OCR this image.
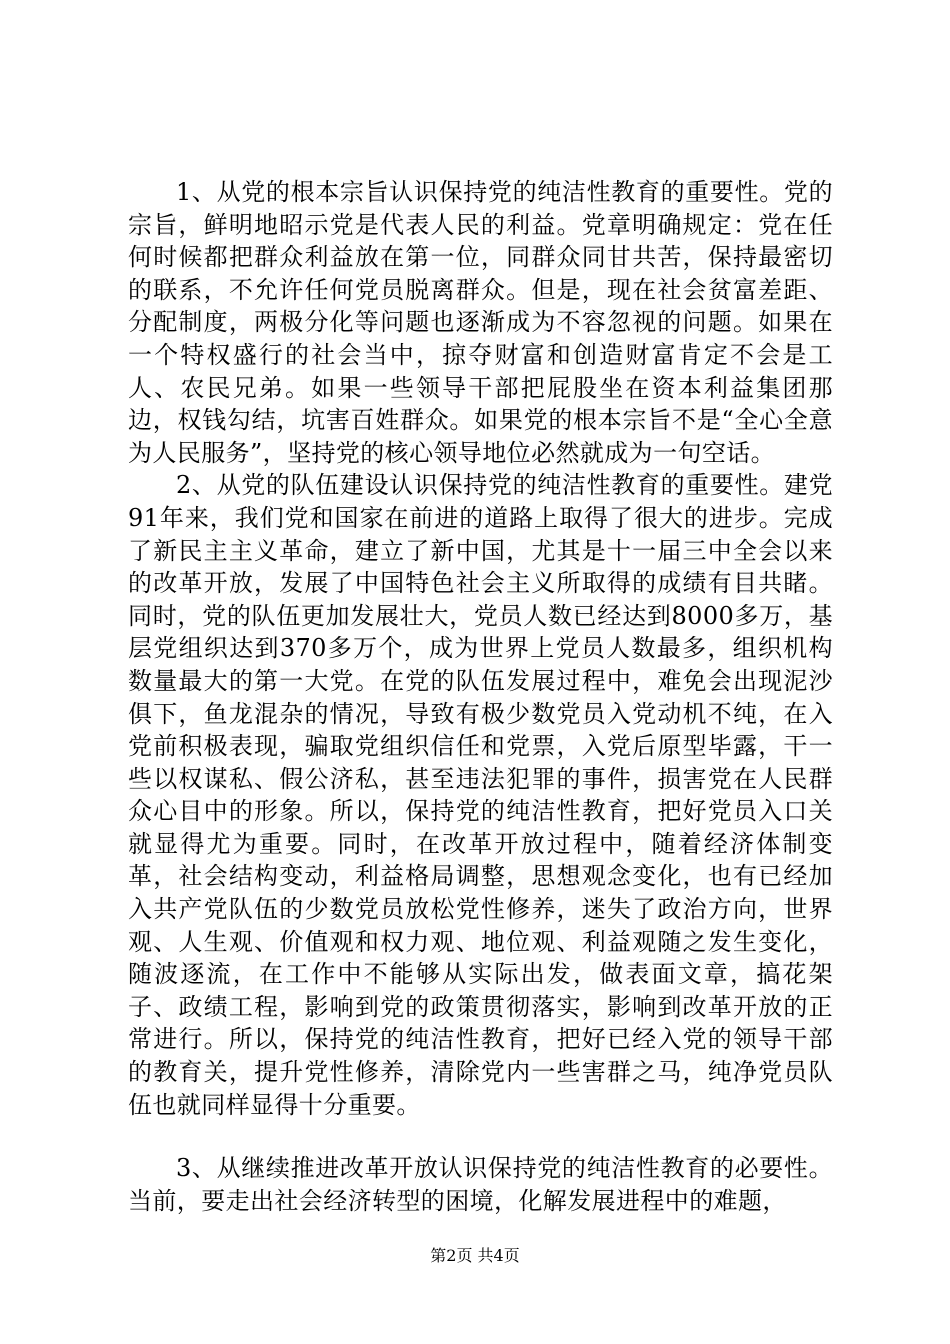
1、从党的根本宗旨认识保持党的纯洁性教育的重要性。党的宗旨，鲜明地昭示党是代表人民的利益。党章明确规定：党在任何时候都把群众利益放在第一位，同群众同甘共苦，保持最密切的联系，不允许任何党员脱离群众。但是，现在社会贫富差距、分配制度，两极分化等问题也逐渐成为不容忽视的问题。如果在一个特权盛行的社会当中，掠夺财富和创造财富肯定不会是工人、农民兄弟。如果一些领导干部把屁股坐在资本利益集团那边，权钱勾结，坑害百姓群众。如果党的根本宗旨不是“全心全意为人民服务”，坚持党的核心领导地位必然就成为一句空话。

2、从党的队伍建设认识保持党的纯洁性教育的重要性。建党91年来，我们党和国家在前进的道路上取得了很大的进步。完成了新民主主义革命，建立了新中国，尤其是十一届三中全会以来的改革开放，发展了中国特色社会主义所取得的成绩有目共睹。同时，党的队伍更加发展壮大，党员人数已经达到8000多万，基层党组织达到370多万个，成为世界上党员人数最多，组织机构数量最大的第一大党。在党的队伍发展过程中，难免会出现泥沙俱下，鱼龙混杂的情况，导致有极少数党员入党动机不纯，在入党前积极表现，骗取党组织信任和党票，入党后原型毕露，干一些以权谋私、假公济私，甚至违法犯罪的事件，损害党在人民群众心目中的形象。所以，保持党的纯洁性教育，把好党员入口关就显得尤为重要。同时，在改革开放过程中，随着经济体制变革，社会结构变动，利益格局调整，思想观念变化，也有已经加入共产党队伍的少数党员放松党性修养，迷失了政治方向，世界观、人生观、价值观和权力观、地位观、利益观随之发生变化，随波逐流，在工作中不能够从实际出发，做表面文章，搞花架子、政绩工程，影响到党的政策贯彻落实，影响到改革开放的正常进行。所以，保持党的纯洁性教育，把好已经入党的领导干部的教育关，提升党性修养，清除党内一些害群之马，纯净党员队伍也就同样显得十分重要。

3、从继续推进改革开放认识保持党的纯洁性教育的必要性。当前，要走出社会经济转型的困境，化解发展进程中的难题，

第2页 共4页
